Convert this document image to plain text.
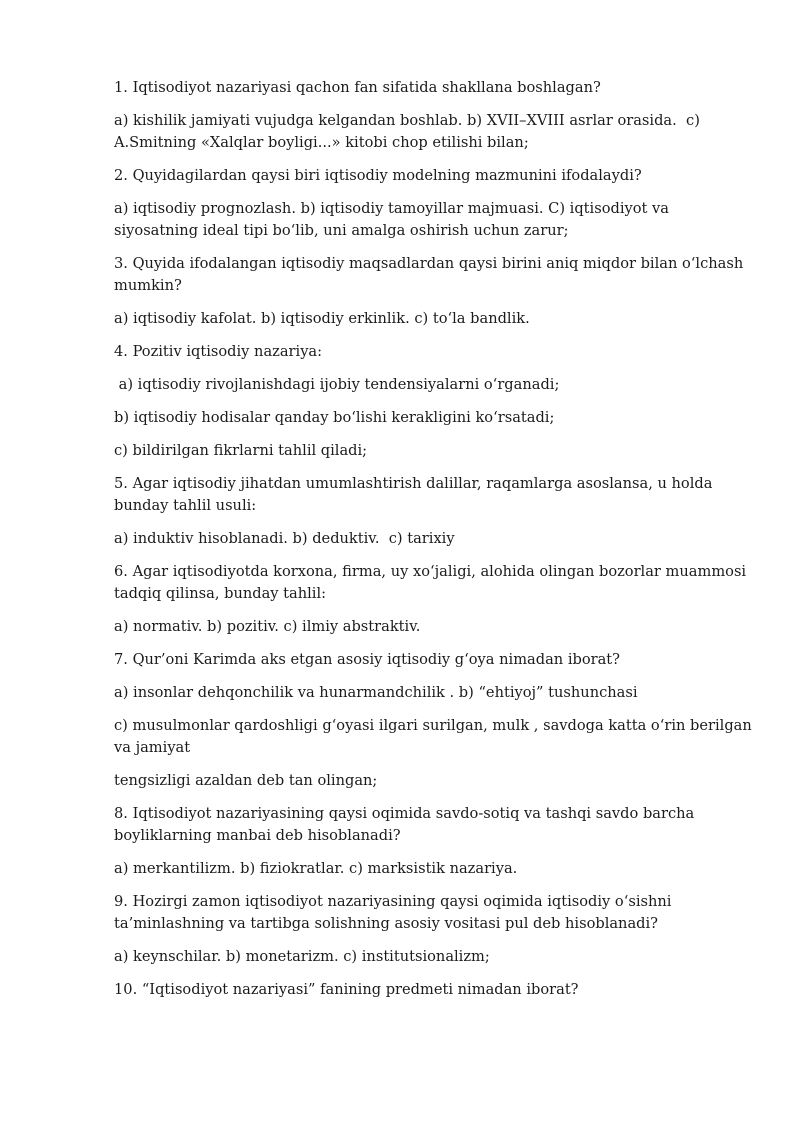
1. Iqtisodiyot nazariyasi qachon fan sifatida shakllana boshlagan?

a) kishilik jamiyati vujudga kelgandan boshlab. b) XVII–XVIII asrlar orasida.  c) A.Smitning «Xalqlar boyligi...» kitobi chop etilishi bilan;

2. Quyidagilardan qaysi biri iqtisodiy modelning mazmunini ifodalaydi?

a) iqtisodiy prognozlash. b) iqtisodiy tamoyillar majmuasi. C) iqtisodiyot va siyosatning ideal tipi bo‘lib, uni amalga oshirish uchun zarur;

3. Quyida ifodalangan iqtisodiy maqsadlardan qaysi birini aniq miqdor bilan o‘lchash mumkin?

a) iqtisodiy kafolat. b) iqtisodiy erkinlik. c) to‘la bandlik.

4. Pozitiv iqtisodiy nazariya:

a) iqtisodiy rivojlanishdagi ijobiy tendensiyalarni o‘rganadi;

b) iqtisodiy hodisalar qanday bo‘lishi kerakligini ko‘rsatadi;

c) bildirilgan fikrlarni tahlil qiladi;

5. Agar iqtisodiy jihatdan umumlashtirish dalillar, raqamlarga asoslansa, u holda bunday tahlil usuli:

a) induktiv hisoblanadi. b) deduktiv.  c) tarixiy

6. Agar iqtisodiyotda korxona, firma, uy xo‘jaligi, alohida olingan bozorlar muammosi tadqiq qilinsa, bunday tahlil:

a) normativ. b) pozitiv. c) ilmiy abstraktiv.

7. Qur’oni Karimda aks etgan asosiy iqtisodiy g‘oya nimadan iborat?

a) insonlar dehqonchilik va hunarmandchilik . b) “ehtiyoj” tushunchasi

c) musulmonlar qardoshligi g‘oyasi ilgari surilgan, mulk , savdoga katta o‘rin berilgan va jamiyat

tengsizligi azaldan deb tan olingan;

8. Iqtisodiyot nazariyasining qaysi oqimida savdo-sotiq va tashqi savdo barcha boyliklarning manbai deb hisoblanadi?

a) merkantilizm. b) fiziokratlar. c) marksistik nazariya.

9. Hozirgi zamon iqtisodiyot nazariyasining qaysi oqimida iqtisodiy o‘sishni ta’minlashning va tartibga solishning asosiy vositasi pul deb hisoblanadi?

a) keynschilar. b) monetarizm. c) institutsionalizm;

10. “Iqtisodiyot nazariyasi” fanining predmeti nimadan iborat?
